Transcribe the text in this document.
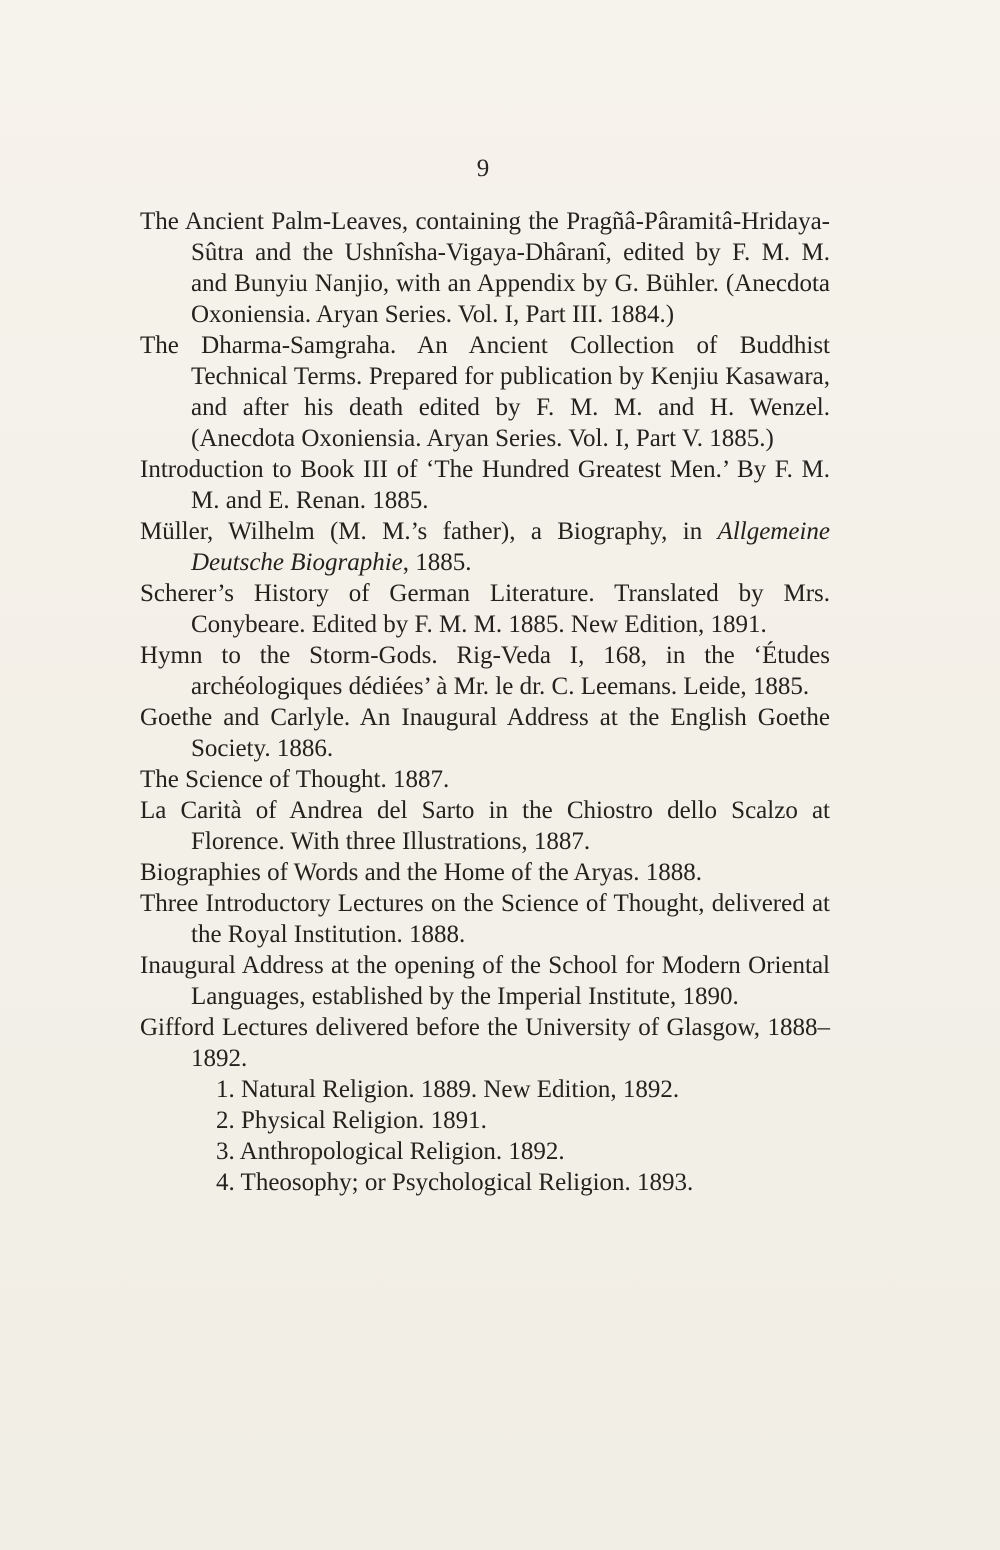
9
The Ancient Palm-Leaves, containing the Pragñâ-Pâramitâ-Hridaya-Sûtra and the Ushnîsha-Vigaya-Dhâranî, edited by F. M. M. and Bunyiu Nanjio, with an Appendix by G. Bühler. (Anecdota Oxoniensia. Aryan Series. Vol. I, Part III. 1884.)
The Dharma-Samgraha. An Ancient Collection of Buddhist Technical Terms. Prepared for publication by Kenjiu Kasawara, and after his death edited by F. M. M. and H. Wenzel. (Anecdota Oxoniensia. Aryan Series. Vol. I, Part V. 1885.)
Introduction to Book III of ‘The Hundred Greatest Men.’ By F. M. M. and E. Renan. 1885.
Müller, Wilhelm (M. M.’s father), a Biography, in Allgemeine Deutsche Biographie, 1885.
Scherer’s History of German Literature. Translated by Mrs. Conybeare. Edited by F. M. M. 1885. New Edition, 1891.
Hymn to the Storm-Gods. Rig-Veda I, 168, in the ‘Études archéologiques dédiées’ à Mr. le dr. C. Leemans. Leide, 1885.
Goethe and Carlyle. An Inaugural Address at the English Goethe Society. 1886.
The Science of Thought. 1887.
La Carità of Andrea del Sarto in the Chiostro dello Scalzo at Florence. With three Illustrations, 1887.
Biographies of Words and the Home of the Aryas. 1888.
Three Introductory Lectures on the Science of Thought, delivered at the Royal Institution. 1888.
Inaugural Address at the opening of the School for Modern Oriental Languages, established by the Imperial Institute, 1890.
Gifford Lectures delivered before the University of Glasgow, 1888–1892.
1. Natural Religion. 1889. New Edition, 1892.
2. Physical Religion. 1891.
3. Anthropological Religion. 1892.
4. Theosophy; or Psychological Religion. 1893.
